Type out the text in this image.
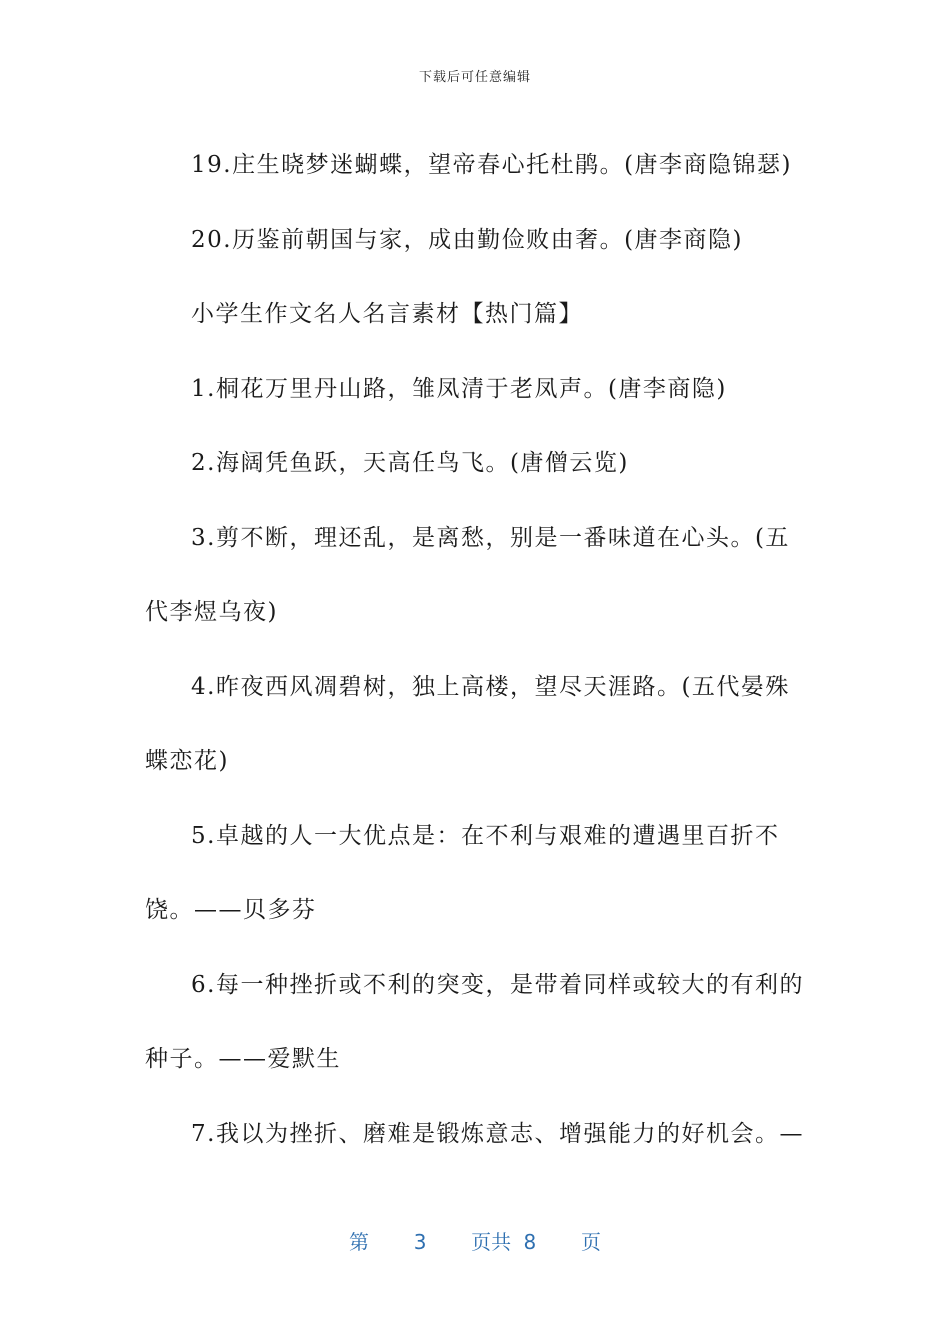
下载后可任意编辑

19.庄生晓梦迷蝴蝶，望帝春心托杜鹃。(唐李商隐锦瑟)

20.历鉴前朝国与家，成由勤俭败由奢。(唐李商隐)

小学生作文名人名言素材【热门篇】

1.桐花万里丹山路，雏凤清于老凤声。(唐李商隐)

2.海阔凭鱼跃，天高任鸟飞。(唐僧云览)

3.剪不断，理还乱，是离愁，别是一番味道在心头。(五代李煜乌夜)

4.昨夜西风凋碧树，独上高楼，望尽天涯路。(五代晏殊蝶恋花)

5.卓越的人一大优点是：在不利与艰难的遭遇里百折不饶。——贝多芬

6.每一种挫折或不利的突变，是带着同样或较大的有利的种子。——爱默生

7.我以为挫折、磨难是锻炼意志、增强能力的好机会。—

第 3 页共 8 页
